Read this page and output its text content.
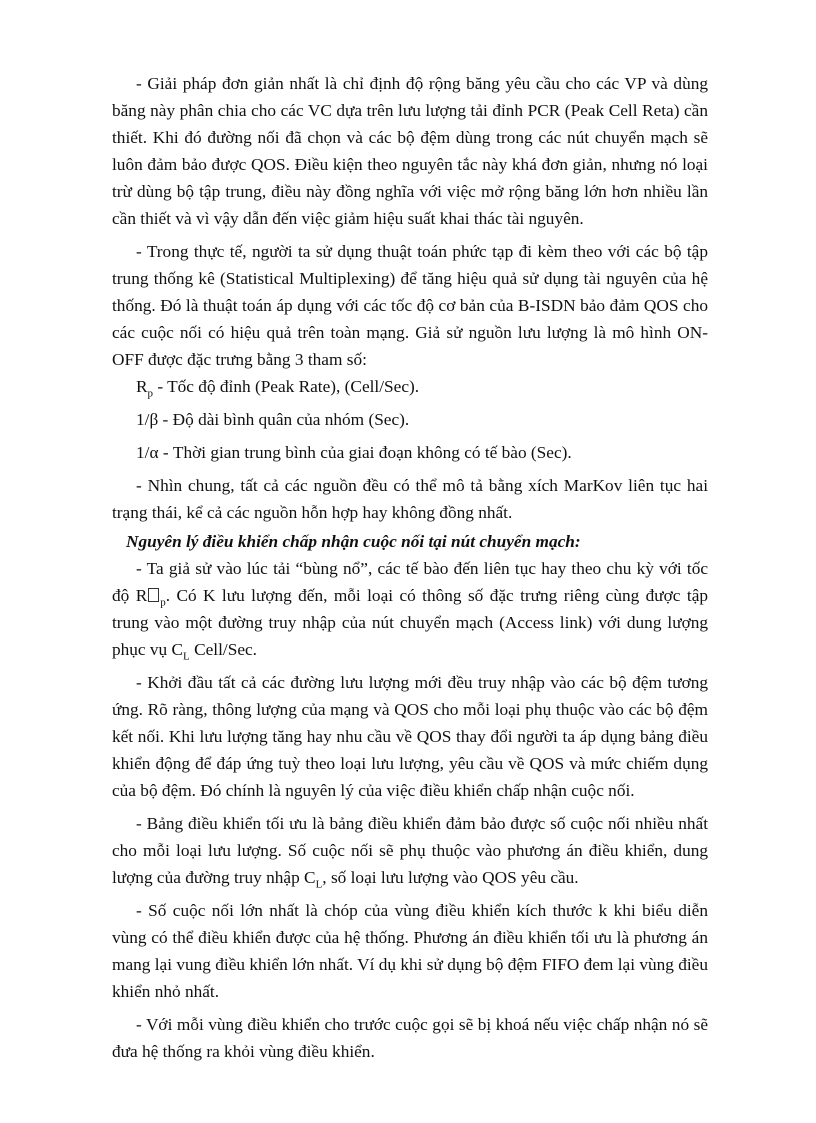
- Giải pháp đơn giản nhất là chỉ định độ rộng băng yêu cầu cho các VP và dùng băng này phân chia cho các VC dựa trên lưu lượng tải đỉnh PCR (Peak Cell Reta) cần thiết. Khi đó đường nối đã chọn và các bộ đệm dùng trong các nút chuyển mạch sẽ luôn đảm bảo được QOS. Điều kiện theo nguyên tắc này khá đơn giản, nhưng nó loại trừ dùng bộ tập trung, điều này đồng nghĩa với việc mở rộng băng lớn hơn nhiều lần cần thiết và vì vậy dẫn đến việc giảm hiệu suất khai thác tài nguyên.

- Trong thực tế, người ta sử dụng thuật toán phức tạp đi kèm theo với các bộ tập trung thống kê (Statistical Multiplexing) để tăng hiệu quả sử dụng tài nguyên của hệ thống. Đó là thuật toán áp dụng với các tốc độ cơ bản của B-ISDN bảo đảm QOS cho các cuộc nối có hiệu quả trên toàn mạng. Giả sử nguồn lưu lượng là mô hình ON-OFF được đặc trưng bằng 3 tham số:

$R_p$ - Tốc độ đỉnh (Peak Rate), (Cell/Sec).

1/β - Độ dài bình quân của nhóm (Sec).

1/α - Thời gian trung bình của giai đoạn không có tế bào (Sec).

- Nhìn chung, tất cả các nguồn đều có thể mô tả bằng xích MarKov liên tục hai trạng thái, kể cả các nguồn hỗn hợp hay không đồng nhất.

Nguyên lý điều khiển chấp nhận cuộc nối tại nút chuyển mạch:

- Ta giả sử vào lúc tải “bùng nổ”, các tế bào đến liên tục hay theo chu kỳ với tốc độ R $_p$. Có K lưu lượng đến, mỗi loại có thông số đặc trưng riêng cùng được tập trung vào một đường truy nhập của nút chuyển mạch (Access link) với dung lượng phục vụ $C_L$ Cell/Sec.

- Khởi đầu tất cả các đường lưu lượng mới đều truy nhập vào các bộ đệm tương ứng. Rõ ràng, thông lượng của mạng và QOS cho mỗi loại phụ thuộc vào các bộ đệm kết nối. Khi lưu lượng tăng hay nhu cầu về QOS thay đổi người ta áp dụng bảng điều khiển động để đáp ứng tuỳ theo loại lưu lượng, yêu cầu về QOS và mức chiếm dụng của bộ đệm. Đó chính là nguyên lý của việc điều khiển chấp nhận cuộc nối.

- Bảng điều khiển tối ưu là bảng điều khiển đảm bảo được số cuộc nối nhiều nhất cho mỗi loại lưu lượng. Số cuộc nối sẽ phụ thuộc vào phương án điều khiển, dung lượng của đường truy nhập $C_L$, số loại lưu lượng vào QOS yêu cầu.

- Số cuộc nối lớn nhất là chóp của vùng điều khiển kích thước k khi biểu diễn vùng có thể điều khiển được của hệ thống. Phương án điều khiển tối ưu là phương án mang lại vung điều khiển lớn nhất. Ví dụ khi sử dụng bộ đệm FIFO đem lại vùng điều khiển nhỏ nhất.

- Với mỗi vùng điều khiển cho trước cuộc gọi sẽ bị khoá nếu việc chấp nhận nó sẽ đưa hệ thống ra khỏi vùng điều khiển.
